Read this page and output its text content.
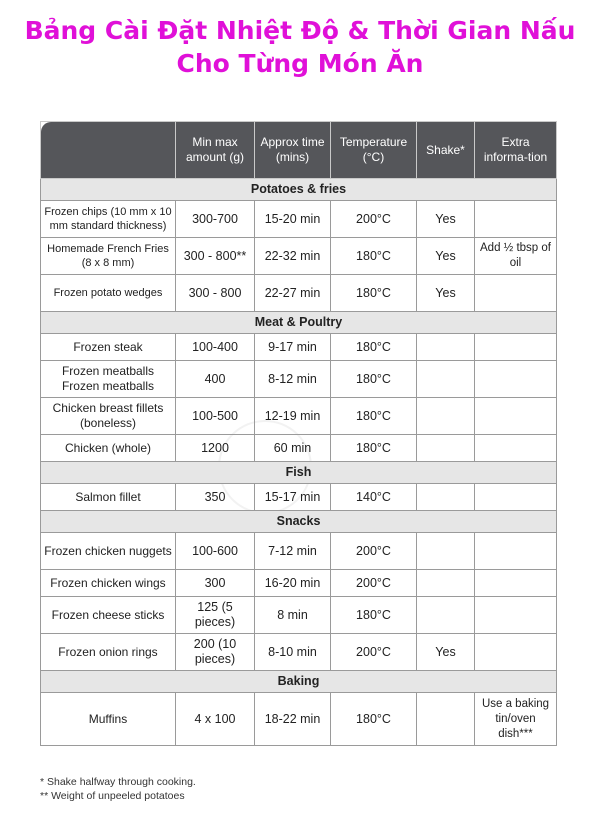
Bảng Cài Đặt Nhiệt Độ & Thời Gian Nấu
Cho Từng Món Ăn
	Min max amount (g)	Approx time (mins)	Temperature (°C)	Shake*	Extra informa-tion
Potatoes & fries					
Frozen chips (10 mm x 10 mm standard thickness)	300-700	15-20 min	200°C	Yes	
Homemade French Fries (8 x 8 mm)	300 - 800**	22-32 min	180°C	Yes	Add ½ tbsp of oil
Frozen potato wedges	300 - 800	22-27 min	180°C	Yes	
Meat & Poultry					
Frozen steak	100-400	9-17 min	180°C		
Frozen meatballs Frozen meatballs	400	8-12 min	180°C		
Chicken breast fillets (boneless)	100-500	12-19 min	180°C		
Chicken (whole)	1200	60 min	180°C		
Fish					
Salmon fillet	350	15-17 min	140°C		
Snacks					
Frozen chicken nuggets	100-600	7-12 min	200°C		
Frozen chicken wings	300	16-20 min	200°C		
Frozen cheese sticks	125 (5 pieces)	8 min	180°C		
Frozen onion rings	200 (10 pieces)	8-10 min	200°C	Yes	
Baking					
Muffins	4 x 100	18-22 min	180°C		Use a baking tin/oven dish***
* Shake halfway through cooking.
** Weight of unpeeled potatoes
